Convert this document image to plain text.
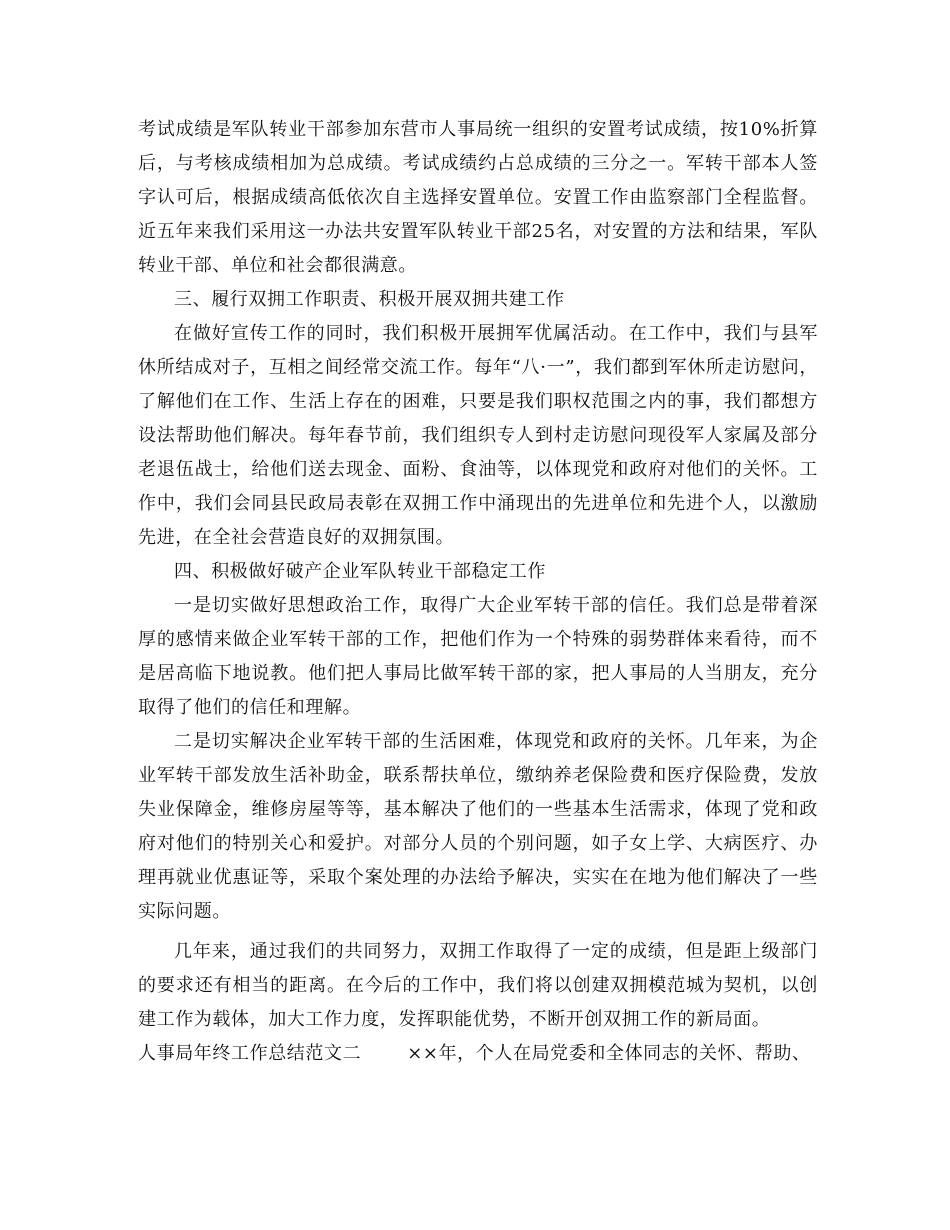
考试成绩是军队转业干部参加东营市人事局统一组织的安置考试成绩，按10%折算后，与考核成绩相加为总成绩。考试成绩约占总成绩的三分之一。军转干部本人签字认可后，根据成绩高低依次自主选择安置单位。安置工作由监察部门全程监督。近五年来我们采用这一办法共安置军队转业干部25名，对安置的方法和结果，军队转业干部、单位和社会都很满意。

三、履行双拥工作职责、积极开展双拥共建工作

在做好宣传工作的同时，我们积极开展拥军优属活动。在工作中，我们与县军休所结成对子，互相之间经常交流工作。每年“八·一”，我们都到军休所走访慰问，了解他们在工作、生活上存在的困难，只要是我们职权范围之内的事，我们都想方设法帮助他们解决。每年春节前，我们组织专人到村走访慰问现役军人家属及部分老退伍战士，给他们送去现金、面粉、食油等，以体现党和政府对他们的关怀。工作中，我们会同县民政局表彰在双拥工作中涌现出的先进单位和先进个人，以激励先进，在全社会营造良好的双拥氛围。

四、积极做好破产企业军队转业干部稳定工作

一是切实做好思想政治工作，取得广大企业军转干部的信任。我们总是带着深厚的感情来做企业军转干部的工作，把他们作为一个特殊的弱势群体来看待，而不是居高临下地说教。他们把人事局比做军转干部的家，把人事局的人当朋友，充分取得了他们的信任和理解。

二是切实解决企业军转干部的生活困难，体现党和政府的关怀。几年来，为企业军转干部发放生活补助金，联系帮扶单位，缴纳养老保险费和医疗保险费，发放失业保障金，维修房屋等等，基本解决了他们的一些基本生活需求，体现了党和政府对他们的特别关心和爱护。对部分人员的个别问题，如子女上学、大病医疗、办理再就业优惠证等，采取个案处理的办法给予解决，实实在在地为他们解决了一些实际问题。

几年来，通过我们的共同努力，双拥工作取得了一定的成绩，但是距上级部门的要求还有相当的距离。在今后的工作中，我们将以创建双拥模范城为契机，以创建工作为载体，加大工作力度，发挥职能优势，不断开创双拥工作的新局面。

人事局年终工作总结范文二	××年，个人在局党委和全体同志的关怀、帮助、
